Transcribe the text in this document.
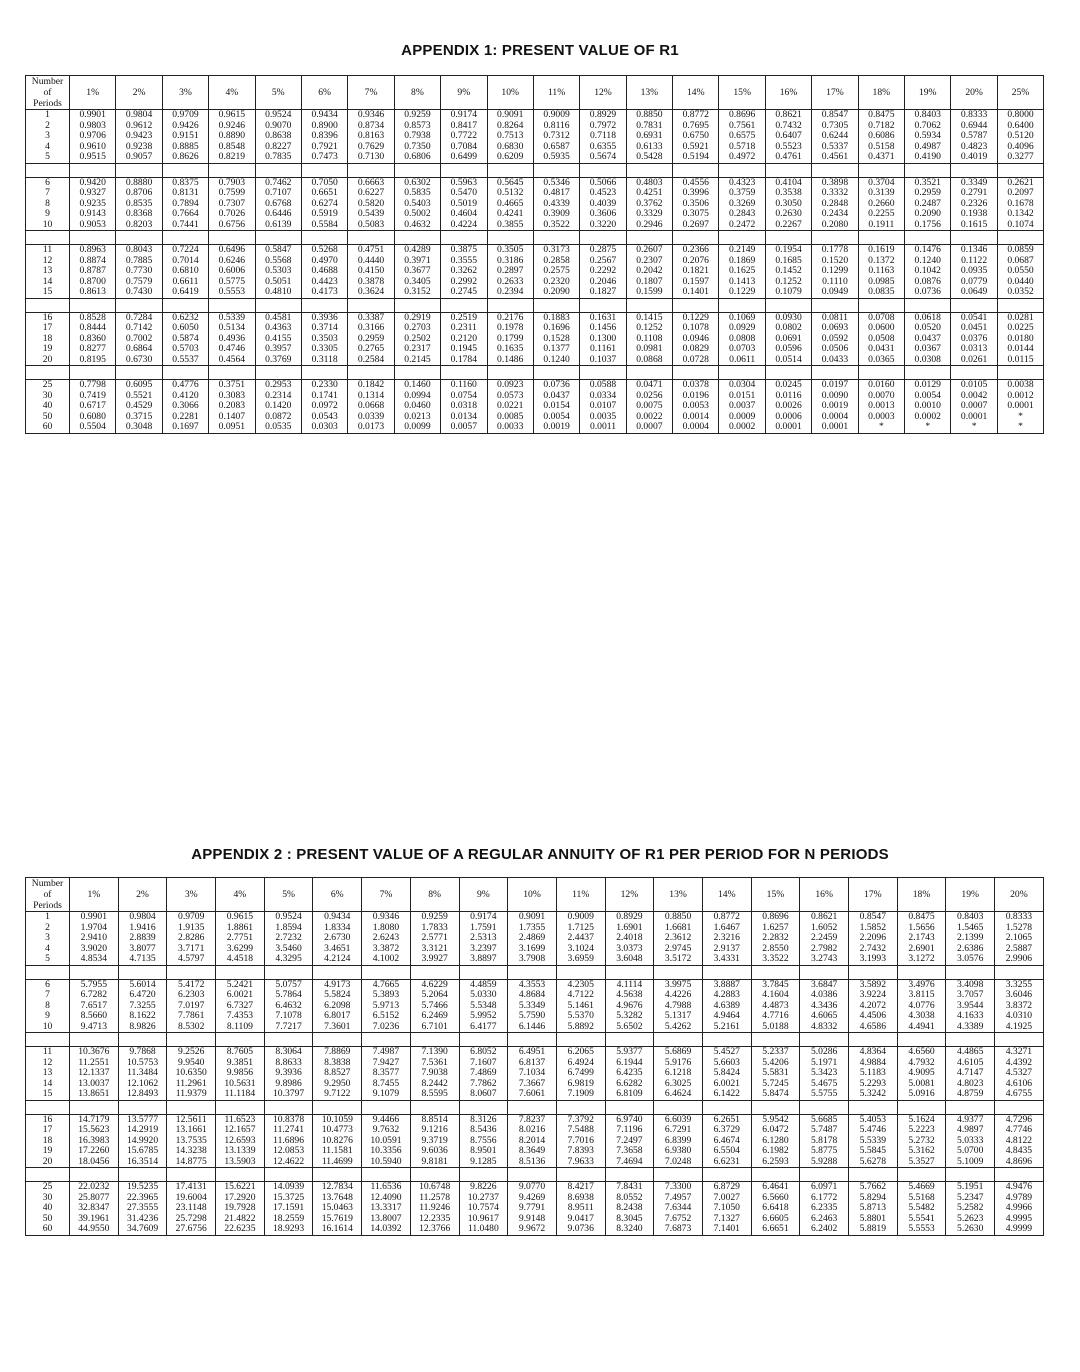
APPENDIX 1: PRESENT VALUE OF R1
Number
of
Periods	1%	2%	3%	4%	5%	6%	7%	8%	9%	10%	11%	12%	13%	14%	15%	16%	17%	18%	19%	20%	25%
1	0.9901	0.9804	0.9709	0.9615	0.9524	0.9434	0.9346	0.9259	0.9174	0.9091	0.9009	0.8929	0.8850	0.8772	0.8696	0.8621	0.8547	0.8475	0.8403	0.8333	0.8000
2	0.9803	0.9612	0.9426	0.9246	0.9070	0.8900	0.8734	0.8573	0.8417	0.8264	0.8116	0.7972	0.7831	0.7695	0.7561	0.7432	0.7305	0.7182	0.7062	0.6944	0.6400
3	0.9706	0.9423	0.9151	0.8890	0.8638	0.8396	0.8163	0.7938	0.7722	0.7513	0.7312	0.7118	0.6931	0.6750	0.6575	0.6407	0.6244	0.6086	0.5934	0.5787	0.5120
4	0.9610	0.9238	0.8885	0.8548	0.8227	0.7921	0.7629	0.7350	0.7084	0.6830	0.6587	0.6355	0.6133	0.5921	0.5718	0.5523	0.5337	0.5158	0.4987	0.4823	0.4096
5	0.9515	0.9057	0.8626	0.8219	0.7835	0.7473	0.7130	0.6806	0.6499	0.6209	0.5935	0.5674	0.5428	0.5194	0.4972	0.4761	0.4561	0.4371	0.4190	0.4019	0.3277

6	0.9420	0.8880	0.8375	0.7903	0.7462	0.7050	0.6663	0.6302	0.5963	0.5645	0.5346	0.5066	0.4803	0.4556	0.4323	0.4104	0.3898	0.3704	0.3521	0.3349	0.2621
7	0.9327	0.8706	0.8131	0.7599	0.7107	0.6651	0.6227	0.5835	0.5470	0.5132	0.4817	0.4523	0.4251	0.3996	0.3759	0.3538	0.3332	0.3139	0.2959	0.2791	0.2097
8	0.9235	0.8535	0.7894	0.7307	0.6768	0.6274	0.5820	0.5403	0.5019	0.4665	0.4339	0.4039	0.3762	0.3506	0.3269	0.3050	0.2848	0.2660	0.2487	0.2326	0.1678
9	0.9143	0.8368	0.7664	0.7026	0.6446	0.5919	0.5439	0.5002	0.4604	0.4241	0.3909	0.3606	0.3329	0.3075	0.2843	0.2630	0.2434	0.2255	0.2090	0.1938	0.1342
10	0.9053	0.8203	0.7441	0.6756	0.6139	0.5584	0.5083	0.4632	0.4224	0.3855	0.3522	0.3220	0.2946	0.2697	0.2472	0.2267	0.2080	0.1911	0.1756	0.1615	0.1074

11	0.8963	0.8043	0.7224	0.6496	0.5847	0.5268	0.4751	0.4289	0.3875	0.3505	0.3173	0.2875	0.2607	0.2366	0.2149	0.1954	0.1778	0.1619	0.1476	0.1346	0.0859
12	0.8874	0.7885	0.7014	0.6246	0.5568	0.4970	0.4440	0.3971	0.3555	0.3186	0.2858	0.2567	0.2307	0.2076	0.1869	0.1685	0.1520	0.1372	0.1240	0.1122	0.0687
13	0.8787	0.7730	0.6810	0.6006	0.5303	0.4688	0.4150	0.3677	0.3262	0.2897	0.2575	0.2292	0.2042	0.1821	0.1625	0.1452	0.1299	0.1163	0.1042	0.0935	0.0550
14	0.8700	0.7579	0.6611	0.5775	0.5051	0.4423	0.3878	0.3405	0.2992	0.2633	0.2320	0.2046	0.1807	0.1597	0.1413	0.1252	0.1110	0.0985	0.0876	0.0779	0.0440
15	0.8613	0.7430	0.6419	0.5553	0.4810	0.4173	0.3624	0.3152	0.2745	0.2394	0.2090	0.1827	0.1599	0.1401	0.1229	0.1079	0.0949	0.0835	0.0736	0.0649	0.0352

16	0.8528	0.7284	0.6232	0.5339	0.4581	0.3936	0.3387	0.2919	0.2519	0.2176	0.1883	0.1631	0.1415	0.1229	0.1069	0.0930	0.0811	0.0708	0.0618	0.0541	0.0281
17	0.8444	0.7142	0.6050	0.5134	0.4363	0.3714	0.3166	0.2703	0.2311	0.1978	0.1696	0.1456	0.1252	0.1078	0.0929	0.0802	0.0693	0.0600	0.0520	0.0451	0.0225
18	0.8360	0.7002	0.5874	0.4936	0.4155	0.3503	0.2959	0.2502	0.2120	0.1799	0.1528	0.1300	0.1108	0.0946	0.0808	0.0691	0.0592	0.0508	0.0437	0.0376	0.0180
19	0.8277	0.6864	0.5703	0.4746	0.3957	0.3305	0.2765	0.2317	0.1945	0.1635	0.1377	0.1161	0.0981	0.0829	0.0703	0.0596	0.0506	0.0431	0.0367	0.0313	0.0144
20	0.8195	0.6730	0.5537	0.4564	0.3769	0.3118	0.2584	0.2145	0.1784	0.1486	0.1240	0.1037	0.0868	0.0728	0.0611	0.0514	0.0433	0.0365	0.0308	0.0261	0.0115

25	0.7798	0.6095	0.4776	0.3751	0.2953	0.2330	0.1842	0.1460	0.1160	0.0923	0.0736	0.0588	0.0471	0.0378	0.0304	0.0245	0.0197	0.0160	0.0129	0.0105	0.0038
30	0.7419	0.5521	0.4120	0.3083	0.2314	0.1741	0.1314	0.0994	0.0754	0.0573	0.0437	0.0334	0.0256	0.0196	0.0151	0.0116	0.0090	0.0070	0.0054	0.0042	0.0012
40	0.6717	0.4529	0.3066	0.2083	0.1420	0.0972	0.0668	0.0460	0.0318	0.0221	0.0154	0.0107	0.0075	0.0053	0.0037	0.0026	0.0019	0.0013	0.0010	0.0007	0.0001
50	0.6080	0.3715	0.2281	0.1407	0.0872	0.0543	0.0339	0.0213	0.0134	0.0085	0.0054	0.0035	0.0022	0.0014	0.0009	0.0006	0.0004	0.0003	0.0002	0.0001	*
60	0.5504	0.3048	0.1697	0.0951	0.0535	0.0303	0.0173	0.0099	0.0057	0.0033	0.0019	0.0011	0.0007	0.0004	0.0002	0.0001	0.0001	*	*	*	*
APPENDIX 2 : PRESENT VALUE OF A REGULAR ANNUITY OF R1 PER PERIOD FOR N PERIODS
Number
of
Periods	1%	2%	3%	4%	5%	6%	7%	8%	9%	10%	11%	12%	13%	14%	15%	16%	17%	18%	19%	20%
1	0.9901	0.9804	0.9709	0.9615	0.9524	0.9434	0.9346	0.9259	0.9174	0.9091	0.9009	0.8929	0.8850	0.8772	0.8696	0.8621	0.8547	0.8475	0.8403	0.8333
2	1.9704	1.9416	1.9135	1.8861	1.8594	1.8334	1.8080	1.7833	1.7591	1.7355	1.7125	1.6901	1.6681	1.6467	1.6257	1.6052	1.5852	1.5656	1.5465	1.5278
3	2.9410	2.8839	2.8286	2.7751	2.7232	2.6730	2.6243	2.5771	2.5313	2.4869	2.4437	2.4018	2.3612	2.3216	2.2832	2.2459	2.2096	2.1743	2.1399	2.1065
4	3.9020	3.8077	3.7171	3.6299	3.5460	3.4651	3.3872	3.3121	3.2397	3.1699	3.1024	3.0373	2.9745	2.9137	2.8550	2.7982	2.7432	2.6901	2.6386	2.5887
5	4.8534	4.7135	4.5797	4.4518	4.3295	4.2124	4.1002	3.9927	3.8897	3.7908	3.6959	3.6048	3.5172	3.4331	3.3522	3.2743	3.1993	3.1272	3.0576	2.9906

6	5.7955	5.6014	5.4172	5.2421	5.0757	4.9173	4.7665	4.6229	4.4859	4.3553	4.2305	4.1114	3.9975	3.8887	3.7845	3.6847	3.5892	3.4976	3.4098	3.3255
7	6.7282	6.4720	6.2303	6.0021	5.7864	5.5824	5.3893	5.2064	5.0330	4.8684	4.7122	4.5638	4.4226	4.2883	4.1604	4.0386	3.9224	3.8115	3.7057	3.6046
8	7.6517	7.3255	7.0197	6.7327	6.4632	6.2098	5.9713	5.7466	5.5348	5.3349	5.1461	4.9676	4.7988	4.6389	4.4873	4.3436	4.2072	4.0776	3.9544	3.8372
9	8.5660	8.1622	7.7861	7.4353	7.1078	6.8017	6.5152	6.2469	5.9952	5.7590	5.5370	5.3282	5.1317	4.9464	4.7716	4.6065	4.4506	4.3038	4.1633	4.0310
10	9.4713	8.9826	8.5302	8.1109	7.7217	7.3601	7.0236	6.7101	6.4177	6.1446	5.8892	5.6502	5.4262	5.2161	5.0188	4.8332	4.6586	4.4941	4.3389	4.1925

11	10.3676	9.7868	9.2526	8.7605	8.3064	7.8869	7.4987	7.1390	6.8052	6.4951	6.2065	5.9377	5.6869	5.4527	5.2337	5.0286	4.8364	4.6560	4.4865	4.3271
12	11.2551	10.5753	9.9540	9.3851	8.8633	8.3838	7.9427	7.5361	7.1607	6.8137	6.4924	6.1944	5.9176	5.6603	5.4206	5.1971	4.9884	4.7932	4.6105	4.4392
13	12.1337	11.3484	10.6350	9.9856	9.3936	8.8527	8.3577	7.9038	7.4869	7.1034	6.7499	6.4235	6.1218	5.8424	5.5831	5.3423	5.1183	4.9095	4.7147	4.5327
14	13.0037	12.1062	11.2961	10.5631	9.8986	9.2950	8.7455	8.2442	7.7862	7.3667	6.9819	6.6282	6.3025	6.0021	5.7245	5.4675	5.2293	5.0081	4.8023	4.6106
15	13.8651	12.8493	11.9379	11.1184	10.3797	9.7122	9.1079	8.5595	8.0607	7.6061	7.1909	6.8109	6.4624	6.1422	5.8474	5.5755	5.3242	5.0916	4.8759	4.6755

16	14.7179	13.5777	12.5611	11.6523	10.8378	10.1059	9.4466	8.8514	8.3126	7.8237	7.3792	6.9740	6.6039	6.2651	5.9542	5.6685	5.4053	5.1624	4.9377	4.7296
17	15.5623	14.2919	13.1661	12.1657	11.2741	10.4773	9.7632	9.1216	8.5436	8.0216	7.5488	7.1196	6.7291	6.3729	6.0472	5.7487	5.4746	5.2223	4.9897	4.7746
18	16.3983	14.9920	13.7535	12.6593	11.6896	10.8276	10.0591	9.3719	8.7556	8.2014	7.7016	7.2497	6.8399	6.4674	6.1280	5.8178	5.5339	5.2732	5.0333	4.8122
19	17.2260	15.6785	14.3238	13.1339	12.0853	11.1581	10.3356	9.6036	8.9501	8.3649	7.8393	7.3658	6.9380	6.5504	6.1982	5.8775	5.5845	5.3162	5.0700	4.8435
20	18.0456	16.3514	14.8775	13.5903	12.4622	11.4699	10.5940	9.8181	9.1285	8.5136	7.9633	7.4694	7.0248	6.6231	6.2593	5.9288	5.6278	5.3527	5.1009	4.8696

25	22.0232	19.5235	17.4131	15.6221	14.0939	12.7834	11.6536	10.6748	9.8226	9.0770	8.4217	7.8431	7.3300	6.8729	6.4641	6.0971	5.7662	5.4669	5.1951	4.9476
30	25.8077	22.3965	19.6004	17.2920	15.3725	13.7648	12.4090	11.2578	10.2737	9.4269	8.6938	8.0552	7.4957	7.0027	6.5660	6.1772	5.8294	5.5168	5.2347	4.9789
40	32.8347	27.3555	23.1148	19.7928	17.1591	15.0463	13.3317	11.9246	10.7574	9.7791	8.9511	8.2438	7.6344	7.1050	6.6418	6.2335	5.8713	5.5482	5.2582	4.9966
50	39.1961	31.4236	25.7298	21.4822	18.2559	15.7619	13.8007	12.2335	10.9617	9.9148	9.0417	8.3045	7.6752	7.1327	6.6605	6.2463	5.8801	5.5541	5.2623	4.9995
60	44.9550	34.7609	27.6756	22.6235	18.9293	16.1614	14.0392	12.3766	11.0480	9.9672	9.0736	8.3240	7.6873	7.1401	6.6651	6.2402	5.8819	5.5553	5.2630	4.9999
